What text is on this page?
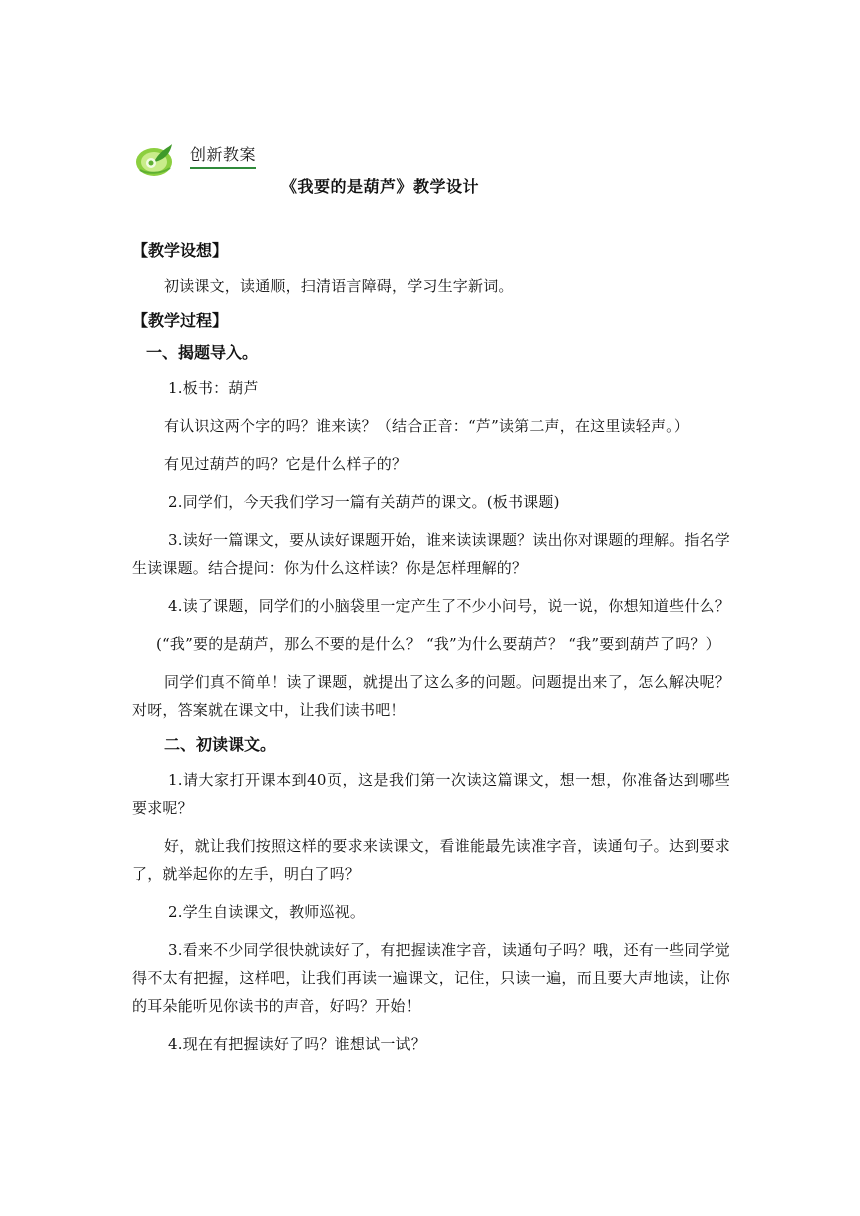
创新教案
《我要的是葫芦》教学设计
【教学设想】

初读课文，读通顺，扫清语言障碍，学习生字新词。

【教学过程】
一、揭题导入。

1.板书：葫芦

有认识这两个字的吗？谁来读？（结合正音：“芦”读第二声，在这里读轻声。）

有见过葫芦的吗？它是什么样子的？

2.同学们，今天我们学习一篇有关葫芦的课文。(板书课题)

3.读好一篇课文，要从读好课题开始，谁来读读课题？读出你对课题的理解。指名学生读课题。结合提问：你为什么这样读？你是怎样理解的？

4.读了课题，同学们的小脑袋里一定产生了不少小问号，说一说，你想知道些什么？

(“我”要的是葫芦，那么不要的是什么？ “我”为什么要葫芦？ “我”要到葫芦了吗？）

同学们真不简单！读了课题，就提出了这么多的问题。问题提出来了，怎么解决呢？对呀，答案就在课文中，让我们读书吧！

二、初读课文。

1.请大家打开课本到40页，这是我们第一次读这篇课文，想一想，你准备达到哪些要求呢？

好，就让我们按照这样的要求来读课文，看谁能最先读准字音，读通句子。达到要求了，就举起你的左手，明白了吗？

2.学生自读课文，教师巡视。

3.看来不少同学很快就读好了，有把握读准字音，读通句子吗？哦，还有一些同学觉得不太有把握，这样吧，让我们再读一遍课文，记住，只读一遍，而且要大声地读，让你的耳朵能听见你读书的声音，好吗？开始！

4.现在有把握读好了吗？谁想试一试？
